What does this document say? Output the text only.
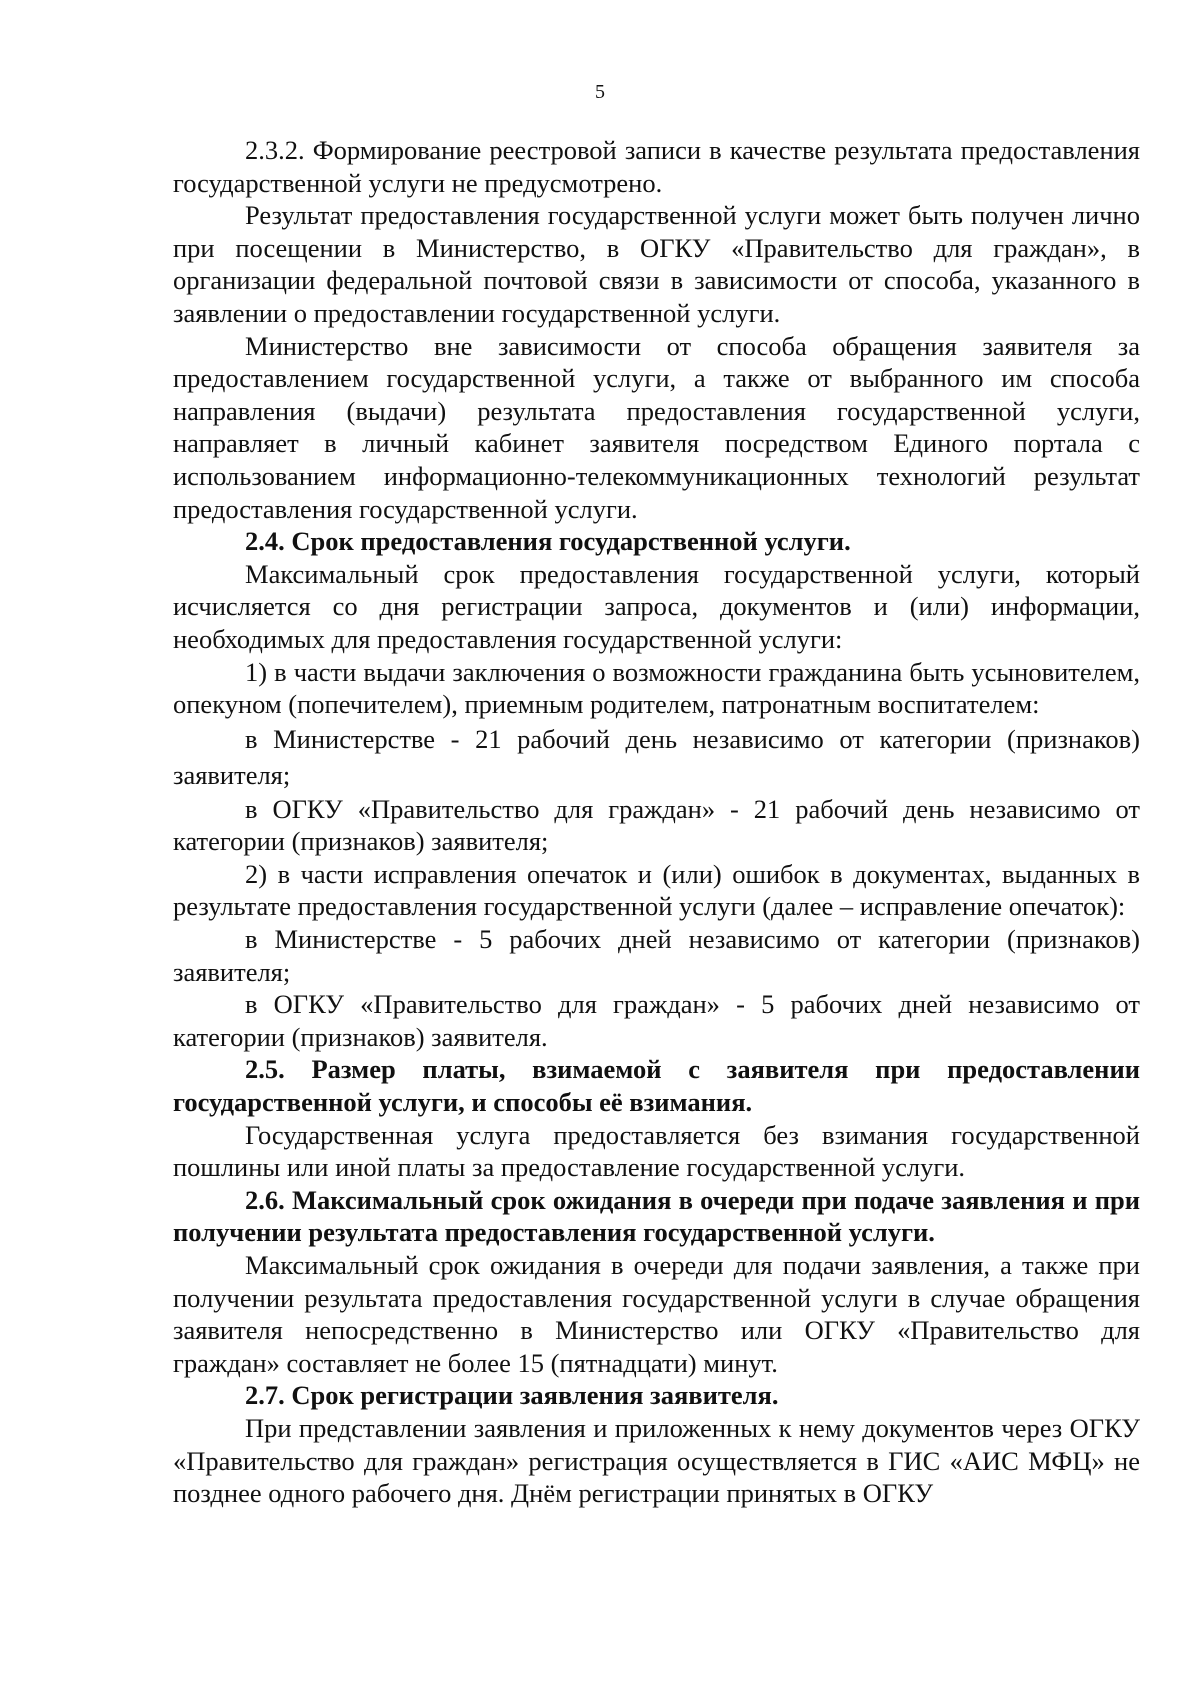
5

2.3.2. Формирование реестровой записи в качестве результата предоставления государственной услуги не предусмотрено.

Результат предоставления государственной услуги может быть получен лично при посещении в Министерство, в ОГКУ «Правительство для граждан», в организации федеральной почтовой связи в зависимости от способа, указанного в заявлении о предоставлении государственной услуги.

Министерство вне зависимости от способа обращения заявителя за предоставлением государственной услуги, а также от выбранного им способа направления (выдачи) результата предоставления государственной услуги, направляет в личный кабинет заявителя посредством Единого портала с использованием информационно-телекоммуникационных технологий результат предоставления государственной услуги.

2.4. Срок предоставления государственной услуги.

Максимальный срок предоставления государственной услуги, который исчисляется со дня регистрации запроса, документов и (или) информации, необходимых для предоставления государственной услуги:

1) в части выдачи заключения о возможности гражданина быть усыновителем, опекуном (попечителем), приемным родителем, патронатным воспитателем:

в Министерстве - 21 рабочий день независимо от категории (признаков) заявителя;

в ОГКУ «Правительство для граждан» - 21 рабочий день независимо от категории (признаков) заявителя;

2) в части исправления опечаток и (или) ошибок в документах, выданных в результате предоставления государственной услуги (далее – исправление опечаток):

в Министерстве - 5 рабочих дней независимо от категории (признаков) заявителя;

в ОГКУ «Правительство для граждан» - 5 рабочих дней независимо от категории (признаков) заявителя.

2.5. Размер платы, взимаемой с заявителя при предоставлении государственной услуги, и способы её взимания.

Государственная услуга предоставляется без взимания государственной пошлины или иной платы за предоставление государственной услуги.

2.6. Максимальный срок ожидания в очереди при подаче заявления и при получении результата предоставления государственной услуги.

Максимальный срок ожидания в очереди для подачи заявления, а также при получении результата предоставления государственной услуги в случае обращения заявителя непосредственно в Министерство или ОГКУ «Правительство для граждан» составляет не более 15 (пятнадцати) минут.

2.7. Срок регистрации заявления заявителя.

При представлении заявления и приложенных к нему документов через ОГКУ «Правительство для граждан» регистрация осуществляется в ГИС «АИС МФЦ» не позднее одного рабочего дня. Днём регистрации принятых в ОГКУ
